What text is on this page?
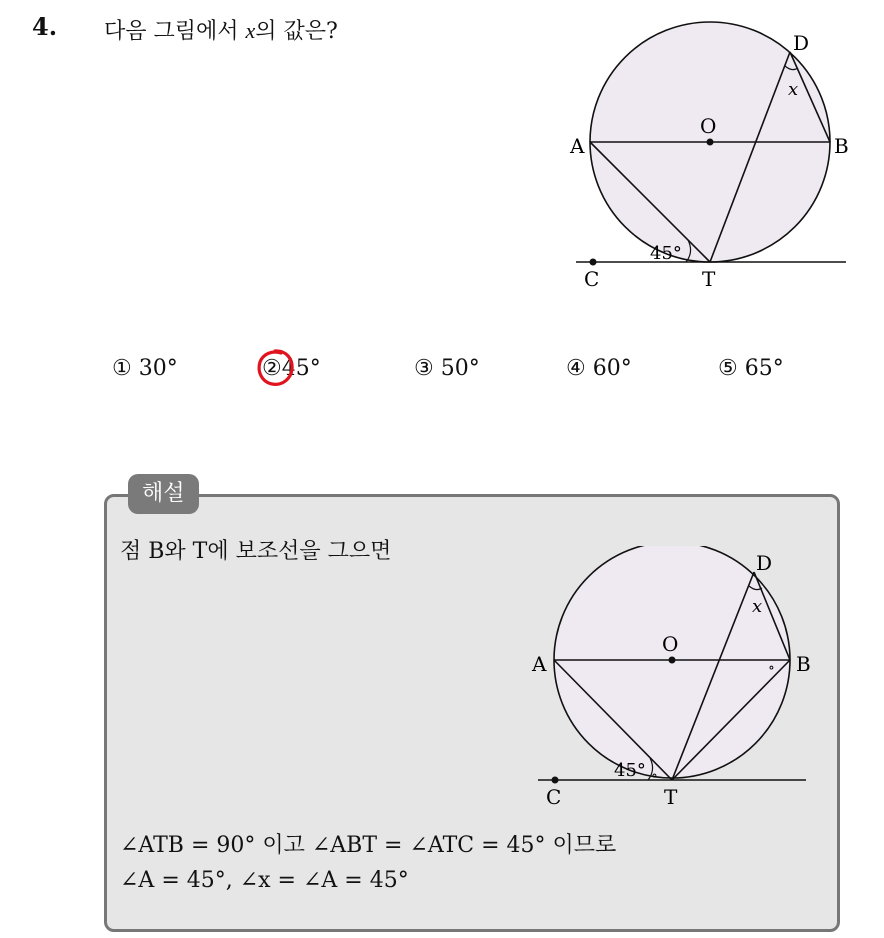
4. 다음 그림에서 x의 값은?	D
x
O
A	B
45°
C	T
① 30°	②45°	③ 50°	④ 60°	⑤ 65°
해설
점 B와 T에 보조선을 그으면	D
x
O
A	B
∘
45° ∘
C	T
∠ATB = 90° 이고 ∠ABT = ∠ATC = 45° 이므로
∠A = 45°, ∠x = ∠A = 45°
